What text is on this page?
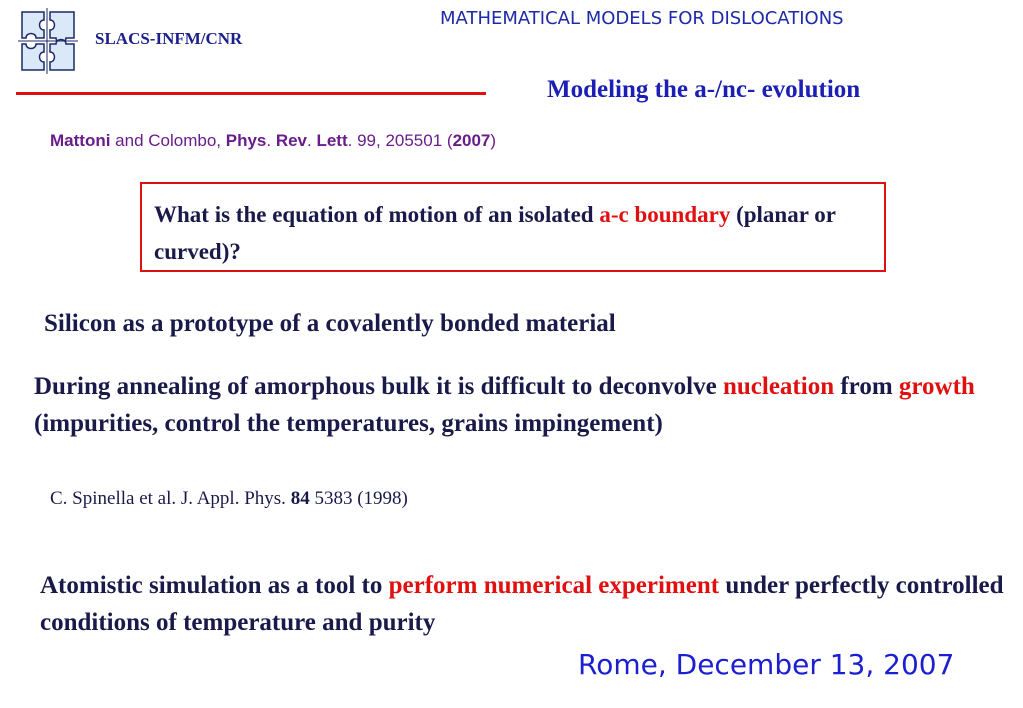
SLACS-INFM/CNR
MATHEMATICAL MODELS FOR DISLOCATIONS
Modeling the a-/nc- evolution
Mattoni and Colombo, Phys. Rev. Lett. 99, 205501 (2007)
What is the equation of motion of an isolated a-c boundary (planar or curved)?
Silicon as a prototype of a covalently bonded material
During annealing of amorphous bulk it is difficult to deconvolve nucleation from growth (impurities, control the temperatures, grains impingement)
C. Spinella et al. J. Appl. Phys. 84 5383 (1998)
Atomistic simulation as a tool to perform numerical experiment under perfectly controlled conditions of temperature and purity
Rome, December 13, 2007
